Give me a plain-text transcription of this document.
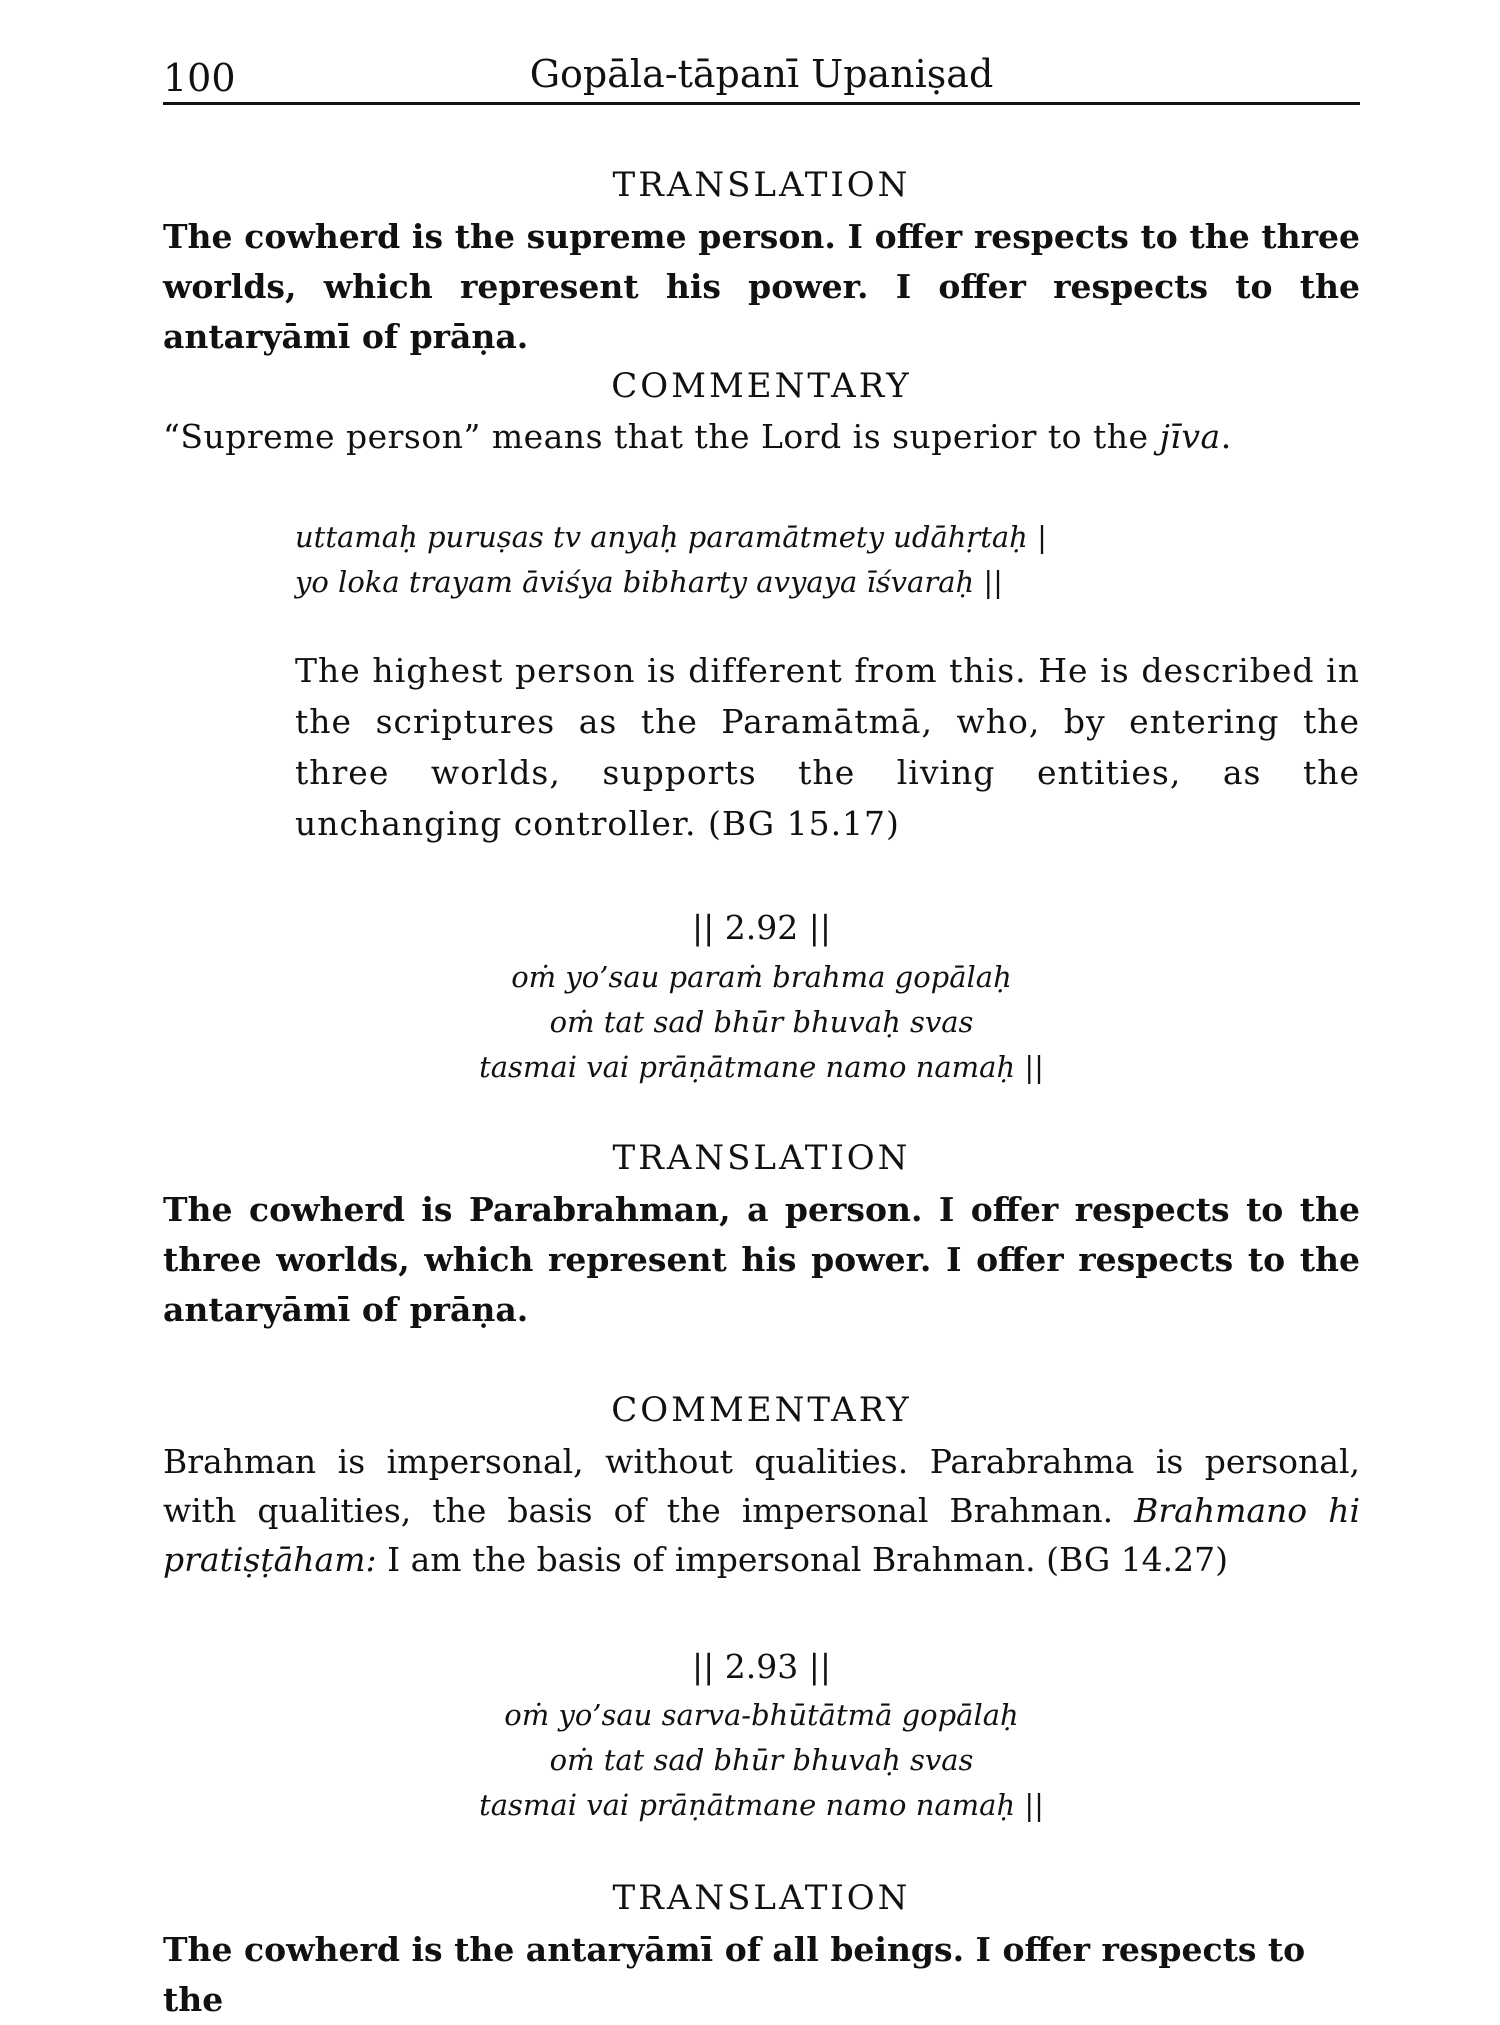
100	Gopāla-tāpanī Upaniṣad
TRANSLATION
The cowherd is the supreme person. I offer respects to the three worlds, which represent his power. I offer respects to the antaryāmī of prāṇa.
COMMENTARY
“Supreme person” means that the Lord is superior to the jīva.
uttamaḥ puruṣas tv anyaḥ paramātmety udāhṛtaḥ |
yo loka trayam āviśya bibharty avyaya īśvaraḥ ||
The highest person is different from this. He is described in the scriptures as the Paramātmā, who, by entering the three worlds, supports the living entities, as the unchanging controller. (BG 15.17)
|| 2.92 ||
oṁ yo’sau paraṁ brahma gopālaḥ
oṁ tat sad bhūr bhuvaḥ svas
tasmai vai prāṇātmane namo namaḥ ||
TRANSLATION
The cowherd is Parabrahman, a person. I offer respects to the three worlds, which represent his power. I offer respects to the antaryāmī of prāṇa.
COMMENTARY
Brahman is impersonal, without qualities. Parabrahma is personal, with qualities, the basis of the impersonal Brahman. Brahmano hi pratiṣṭāham: I am the basis of impersonal Brahman. (BG 14.27)
|| 2.93 ||
oṁ yo’sau sarva-bhūtātmā gopālaḥ
oṁ tat sad bhūr bhuvaḥ svas
tasmai vai prāṇātmane namo namaḥ ||
TRANSLATION
The cowherd is the antaryāmī of all beings. I offer respects to the
